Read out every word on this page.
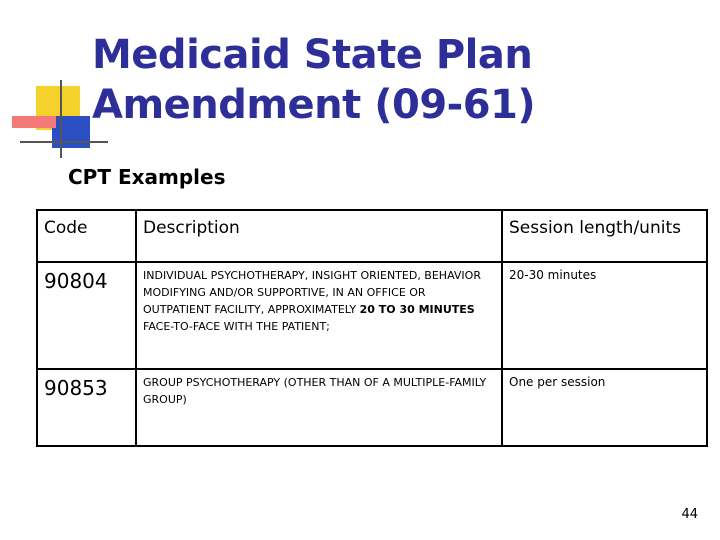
Medicaid State Plan
Amendment (09-61)
CPT Examples
Code	Description	Session length/units
90804	INDIVIDUAL PSYCHOTHERAPY, INSIGHT ORIENTED, BEHAVIOR MODIFYING AND/OR SUPPORTIVE, IN AN OFFICE OR OUTPATIENT FACILITY, APPROXIMATELY 20 TO 30 MINUTES FACE-TO-FACE WITH THE PATIENT;	20-30 minutes
90853	GROUP PSYCHOTHERAPY (OTHER THAN OF A MULTIPLE-FAMILY GROUP)	One per session
44
